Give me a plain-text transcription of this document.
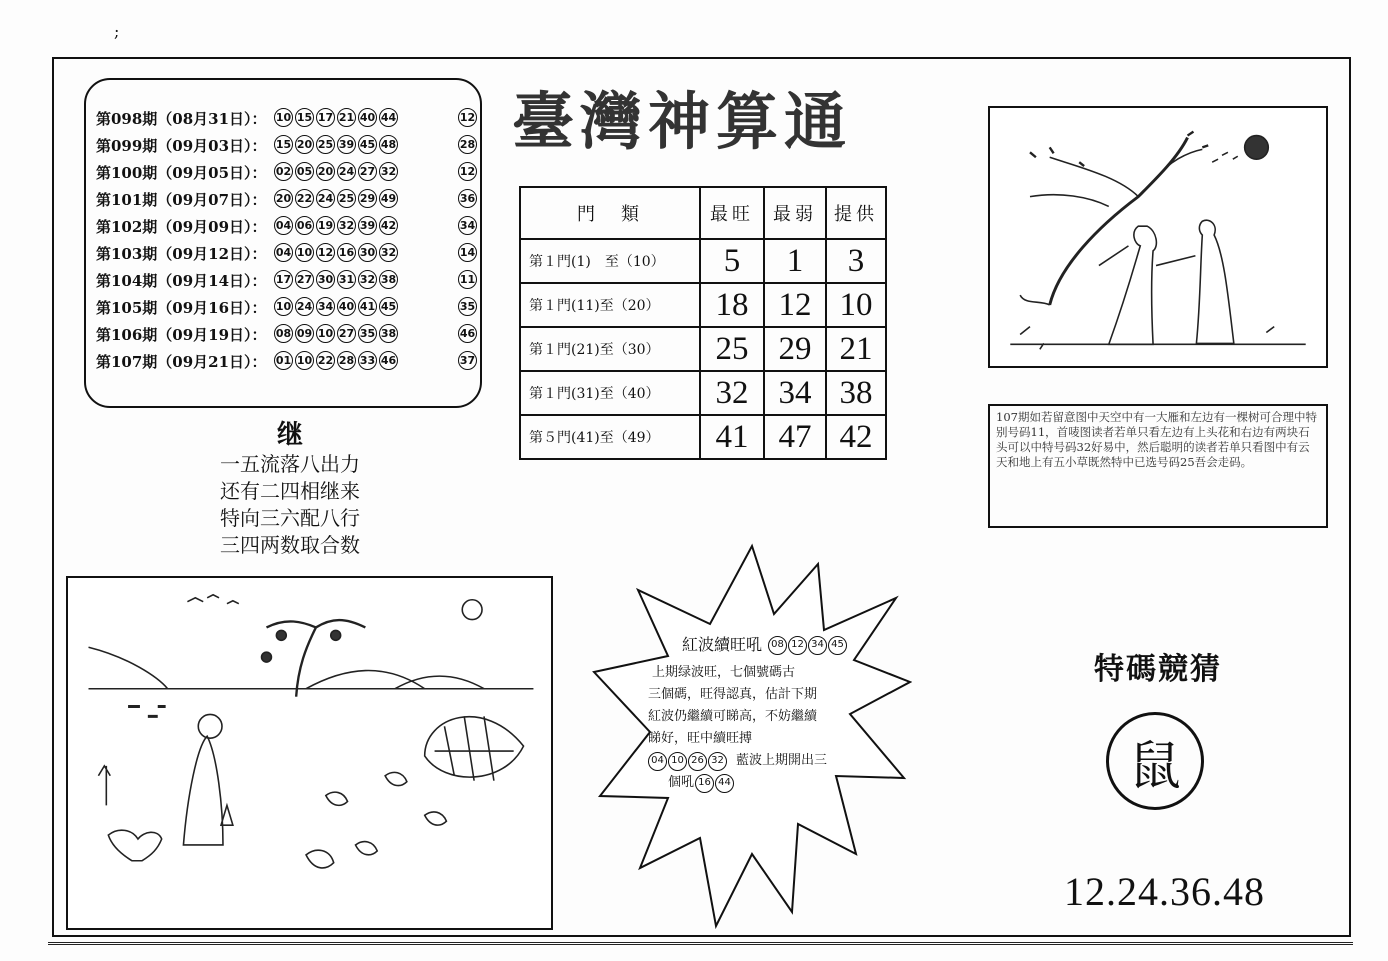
;
第098期（08月31日）： 10 15 17 21 40 44	12
第099期（09月03日）： 15 20 25 39 45 48	28
第100期（09月05日）： 02 05 20 24 27 32	12
第101期（09月07日）： 20 22 24 25 29 49	36
第102期（09月09日）： 04 06 19 32 39 42	34
第103期（09月12日）： 04 10 12 16 30 32	14
第104期（09月14日）： 17 27 30 31 32 38	11
第105期（09月16日）： 10 24 34 40 41 45	35
第106期（09月19日）： 08 09 10 27 35 38	46
第107期（09月21日）： 01 10 22 28 33 46	37
臺灣神算通
門　類	最旺	最弱	提供
第１門(1)　至（10）	5	1	3
第１門(11)至（20）	18	12	10
第１門(21)至（30）	25	29	21
第１門(31)至（40）	32	34	38
第５門(41)至（49）	41	47	42
继
一五流落八出力
还有二四相继来
特向三六配八行
三四两数取合数
107期如若留意图中天空中有一大雁和左边有一棵树可合理中特别号码11，首唛图读者若单只看左边有上头花和右边有两块石头可以中特号码32好易中，然后聪明的读者若单只看图中有云天和地上有五小草既然特中已选号码25吾会走码。
紅波續旺吼 08 12 34 45
上期绿波旺，七個號碼古
三個碼，旺得認真，估計下期
紅波仍繼續可睇高，不妨繼續
睇好，旺中續旺搏
04 10 26 32 藍波上期開出三
個吼 16 44
特碼競猜
鼠
12.24.36.48
